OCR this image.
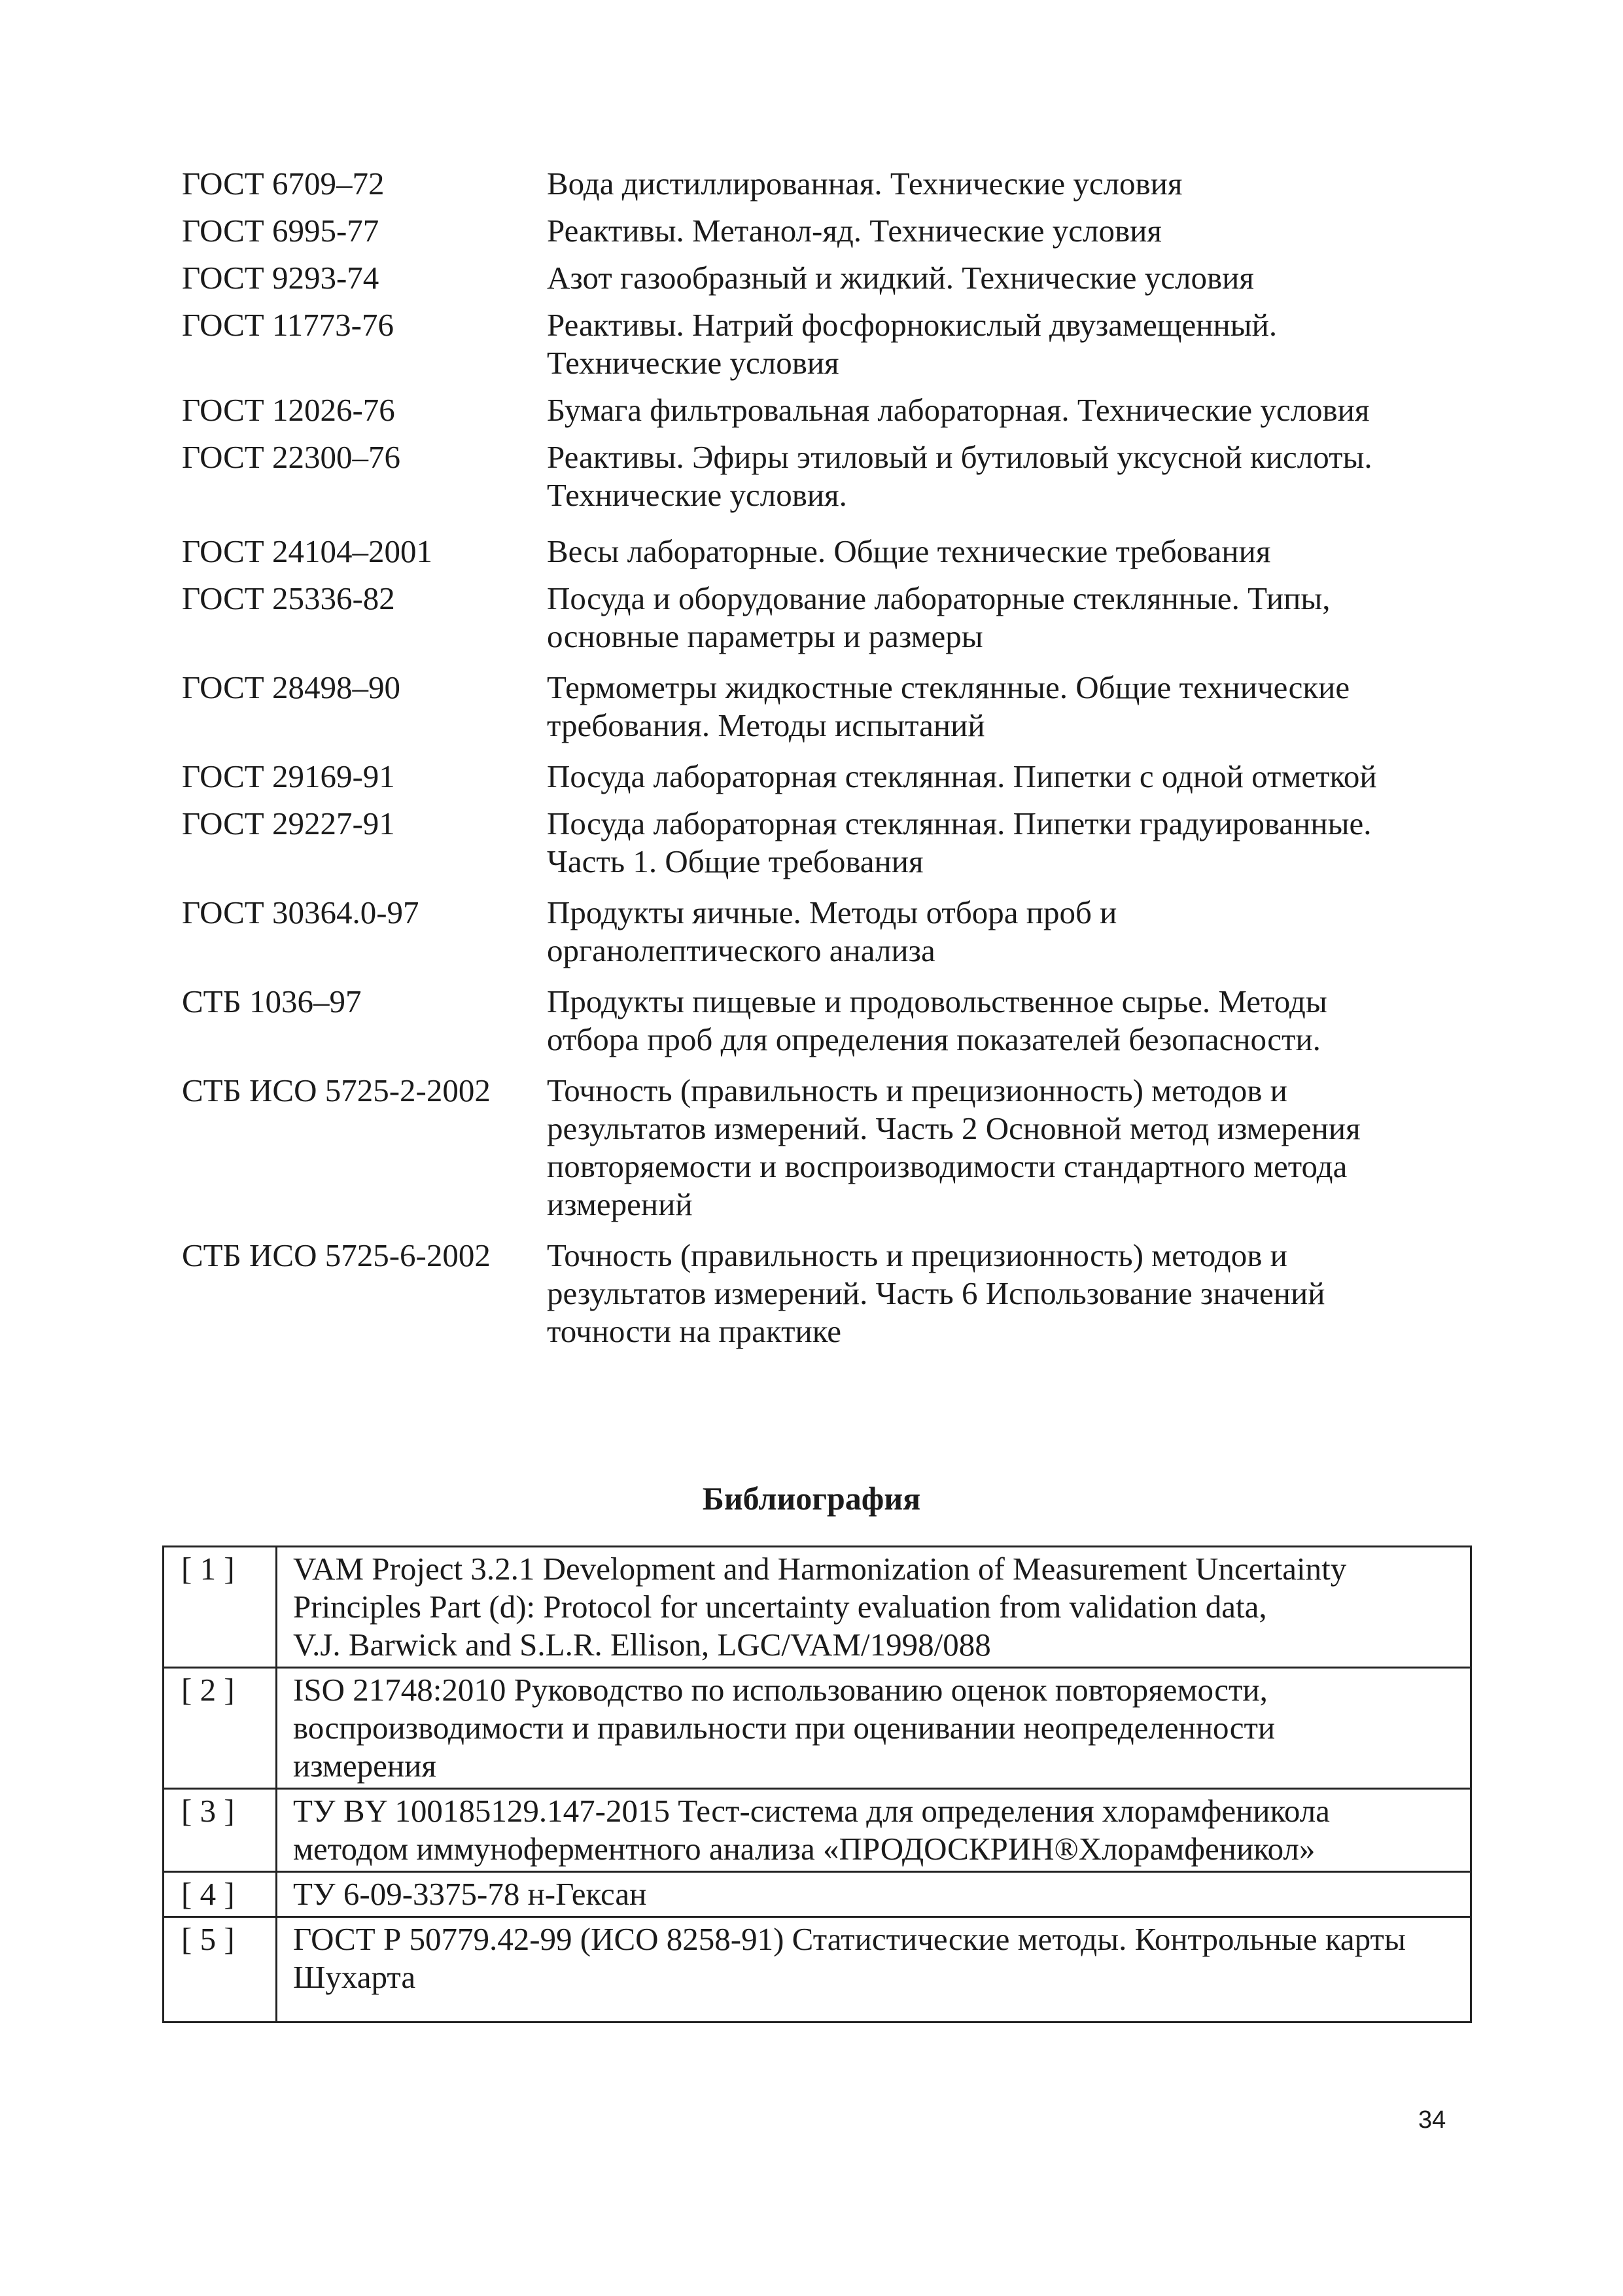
ГОСТ 6709–72	Вода дистиллированная. Технические условия
ГОСТ 6995-77	Реактивы. Метанол-яд. Технические условия
ГОСТ 9293-74	Азот газообразный и жидкий. Технические условия
ГОСТ 11773-76	Реактивы. Натрий фосфорнокислый двузамещенный.
Технические условия
ГОСТ 12026-76	Бумага фильтровальная лабораторная. Технические условия
ГОСТ 22300–76	Реактивы. Эфиры этиловый и бутиловый уксусной кислоты.
Технические условия.
ГОСТ 24104–2001	Весы лабораторные. Общие технические требования
ГОСТ 25336-82	Посуда и оборудование лабораторные стеклянные. Типы,
основные параметры и размеры
ГОСТ 28498–90	Термометры жидкостные стеклянные. Общие технические
требования. Методы испытаний
ГОСТ 29169-91	Посуда лабораторная стеклянная. Пипетки с одной отметкой
ГОСТ 29227-91	Посуда лабораторная стеклянная. Пипетки градуированные.
Часть 1. Общие требования
ГОСТ 30364.0-97	Продукты яичные. Методы отбора проб и
органолептического анализа
СТБ 1036–97	Продукты пищевые и продовольственное сырье. Методы
отбора проб для определения показателей безопасности.
СТБ ИСО 5725-2-2002	Точность (правильность и прецизионность) методов и
результатов измерений. Часть 2 Основной метод измерения
повторяемости и воспроизводимости стандартного метода
измерений
СТБ ИСО 5725-6-2002	Точность (правильность и прецизионность) методов и
результатов измерений. Часть 6 Использование значений
точности на практике
Библиография
[ 1 ]	VAM Project 3.2.1 Development and Harmonization of Measurement Uncertainty
Principles Part (d): Protocol for uncertainty evaluation from validation data,
V.J. Barwick and S.L.R. Ellison, LGC/VAM/1998/088

[ 2 ]	ISO 21748:2010 Руководство по использованию оценок повторяемости,
воспроизводимости и правильности при оценивании неопределенности
измерения

[ 3 ]	ТУ BY 100185129.147-2015 Тест-система для определения хлорамфеникола
методом иммуноферментного анализа «ПРОДОСКРИН®Хлорамфеникол»

[ 4 ]	ТУ 6-09-3375-78 н-Гексан

[ 5 ]	ГОСТ Р 50779.42-99 (ИСО 8258-91) Статистические методы. Контрольные карты
Шухарта
34
